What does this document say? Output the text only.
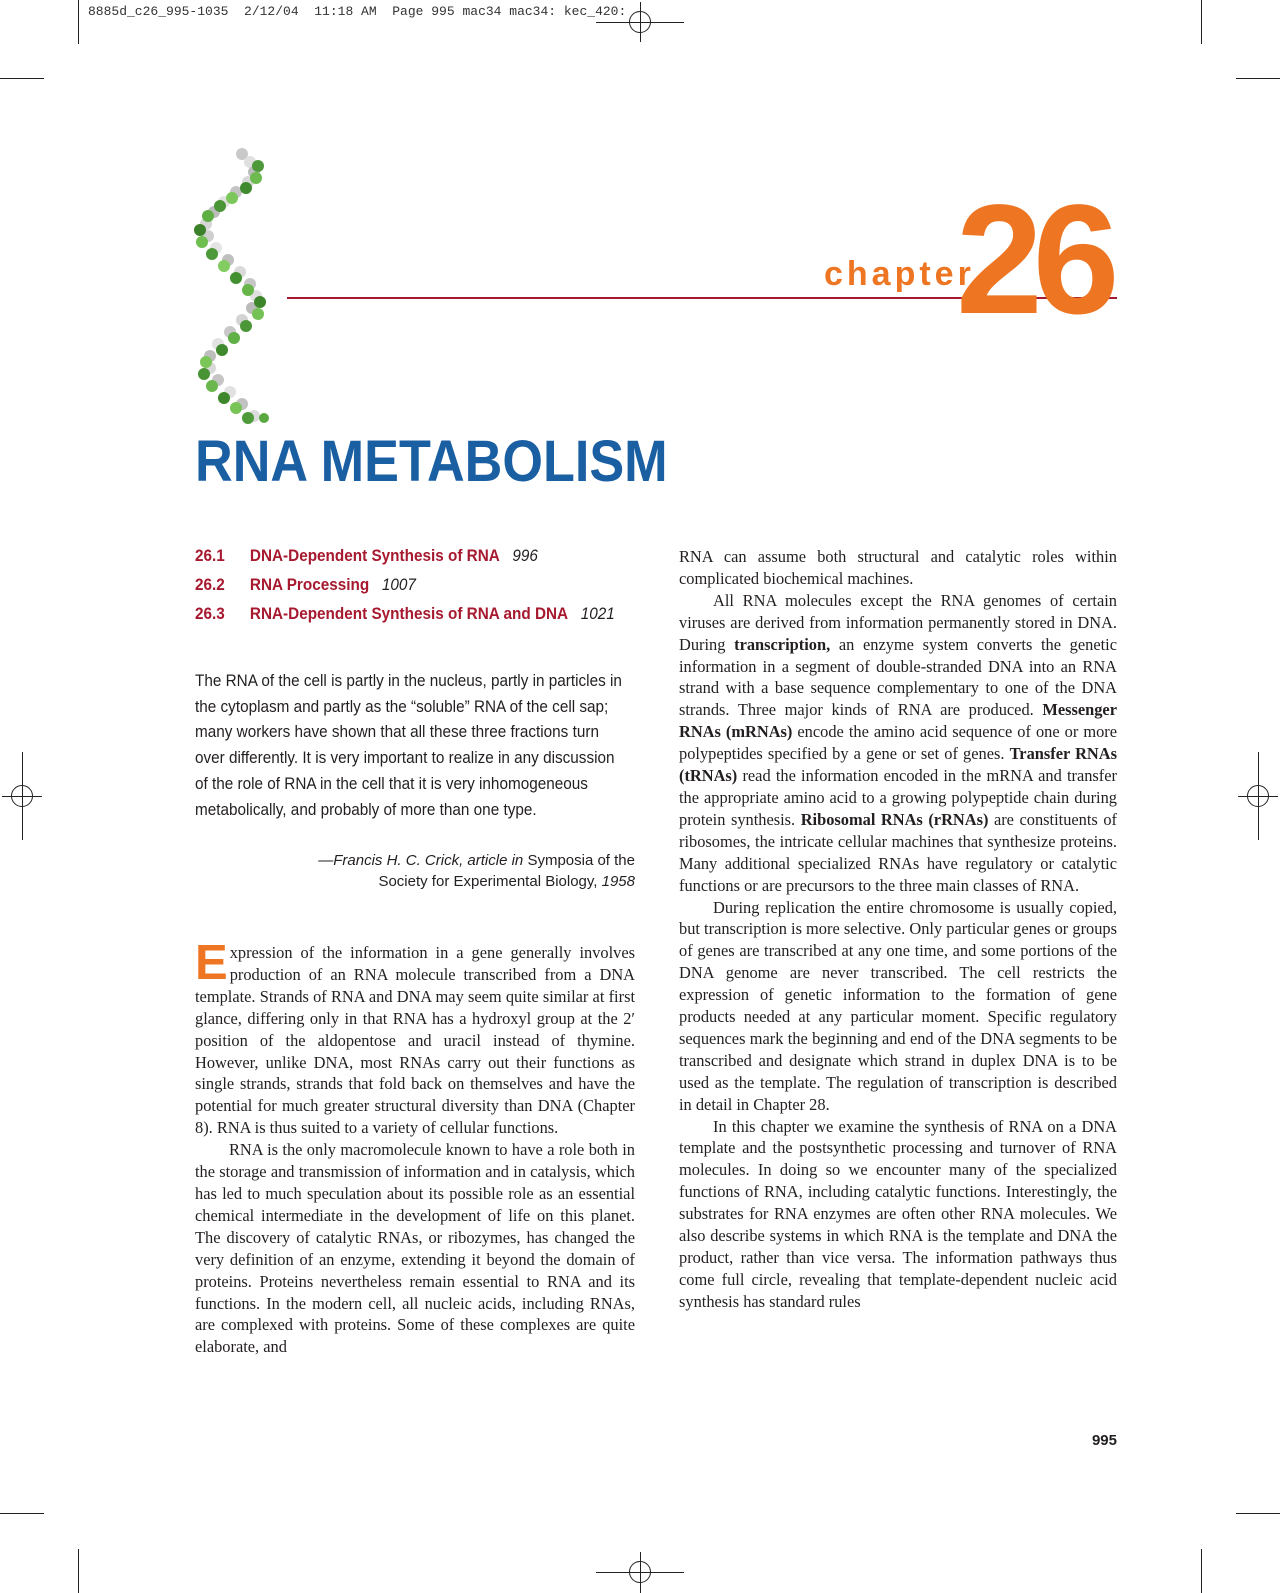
8885d_c26_995-1035  2/12/04  11:18 AM  Page 995 mac34 mac34: kec_420:
chapter
26
RNA METABOLISM
26.1 DNA-Dependent Synthesis of RNA 996
26.2 RNA Processing 1007
26.3 RNA-Dependent Synthesis of RNA and DNA 1021
The RNA of the cell is partly in the nucleus, partly in particles in the cytoplasm and partly as the “soluble” RNA of the cell sap; many workers have shown that all these three fractions turn over differently. It is very important to realize in any discussion of the role of RNA in the cell that it is very inhomogeneous metabolically, and probably of more than one type.
—Francis H. C. Crick, article in Symposia of the
Society for Experimental Biology, 1958

Expression of the information in a gene generally involves production of an RNA molecule transcribed from a DNA template. Strands of RNA and DNA may seem quite similar at first glance, differing only in that RNA has a hydroxyl group at the 2′ position of the aldopentose and uracil instead of thymine. However, unlike DNA, most RNAs carry out their functions as single strands, strands that fold back on themselves and have the potential for much greater structural diversity than DNA (Chapter 8). RNA is thus suited to a variety of cellular functions.

RNA is the only macromolecule known to have a role both in the storage and transmission of information and in catalysis, which has led to much speculation about its possible role as an essential chemical intermediate in the development of life on this planet. The discovery of catalytic RNAs, or ribozymes, has changed the very definition of an enzyme, extending it beyond the domain of proteins. Proteins nevertheless remain essential to RNA and its functions. In the modern cell, all nucleic acids, including RNAs, are complexed with proteins. Some of these complexes are quite elaborate, and

RNA can assume both structural and catalytic roles within complicated biochemical machines.

All RNA molecules except the RNA genomes of certain viruses are derived from information permanently stored in DNA. During transcription, an enzyme system converts the genetic information in a segment of double-stranded DNA into an RNA strand with a base sequence complementary to one of the DNA strands. Three major kinds of RNA are produced. Messenger RNAs (mRNAs) encode the amino acid sequence of one or more polypeptides specified by a gene or set of genes. Transfer RNAs (tRNAs) read the information encoded in the mRNA and transfer the appropriate amino acid to a growing polypeptide chain during protein synthesis. Ribosomal RNAs (rRNAs) are constituents of ribosomes, the intricate cellular machines that synthesize proteins. Many additional specialized RNAs have regulatory or catalytic functions or are precursors to the three main classes of RNA.

During replication the entire chromosome is usually copied, but transcription is more selective. Only particular genes or groups of genes are transcribed at any one time, and some portions of the DNA genome are never transcribed. The cell restricts the expression of genetic information to the formation of gene products needed at any particular moment. Specific regulatory sequences mark the beginning and end of the DNA segments to be transcribed and designate which strand in duplex DNA is to be used as the template. The regulation of transcription is described in detail in Chapter 28.

In this chapter we examine the synthesis of RNA on a DNA template and the postsynthetic processing and turnover of RNA molecules. In doing so we encounter many of the specialized functions of RNA, including catalytic functions. Interestingly, the substrates for RNA enzymes are often other RNA molecules. We also describe systems in which RNA is the template and DNA the product, rather than vice versa. The information pathways thus come full circle, revealing that template-dependent nucleic acid synthesis has standard rules

995
